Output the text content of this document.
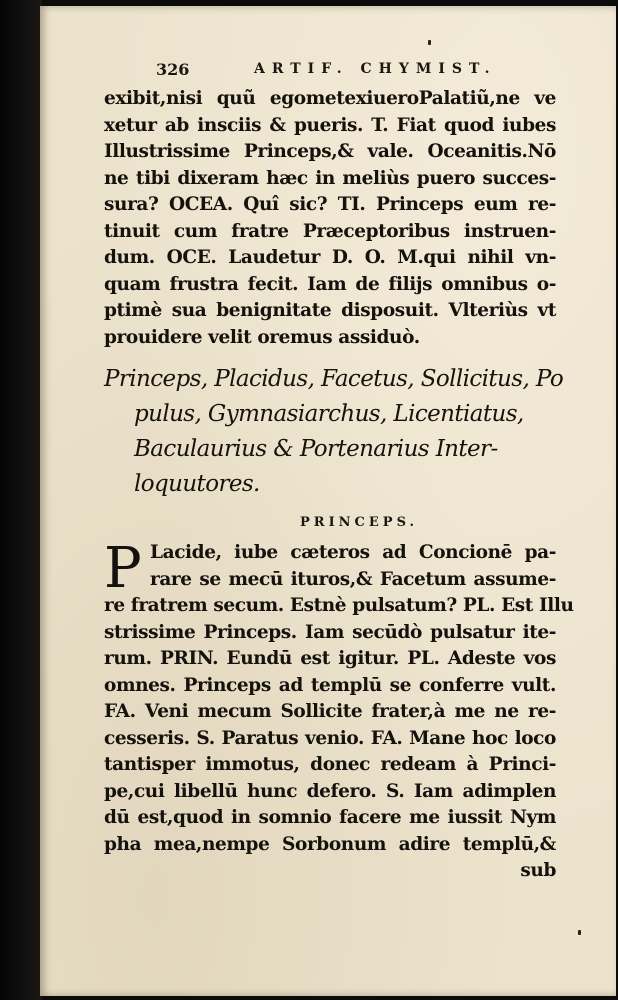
326	ARTIF. CHYMIST.
exibit,nisi quũ egometexiueroPalatiũ,ne ve
xetur ab insciis & pueris. T. Fiat quod iubes
Illustrissime Princeps,& vale. Oceanitis.Nō
ne tibi dixeram hæc in meliùs puero succes-
sura? OCEA. Quî sic? TI. Princeps eum re-
tinuit cum fratre Præceptoribus instruen-
dum. OCE. Laudetur D. O. M.qui nihil vn-
quam frustra fecit. Iam de filijs omnibus o-
ptimè sua benignitate disposuit. Vlteriùs vt
prouidere velit oremus assiduò.
Princeps, Placidus, Facetus, Sollicitus, Po
pulus, Gymnasiarchus, Licentiatus,
Baculaurius & Portenarius Inter-
loquutores.
PRINCEPS.
P Lacide, iube cæteros ad Concionē pa-
rare se mecū ituros,& Facetum assume-
re fratrem secum. Estnè pulsatum? PL. Est Illu
strissime Princeps. Iam secūdò pulsatur ite-
rum. PRIN. Eundū est igitur. PL. Adeste vos
omnes. Princeps ad templū se conferre vult.
FA. Veni mecum Sollicite frater,à me ne re-
cesseris. S. Paratus venio. FA. Mane hoc loco
tantisper immotus, donec redeam à Princi-
pe,cui libellū hunc defero. S. Iam adimplen
dū est,quod in somnio facere me iussit Nym
pha mea,nempe Sorbonum adire templū,&
sub
